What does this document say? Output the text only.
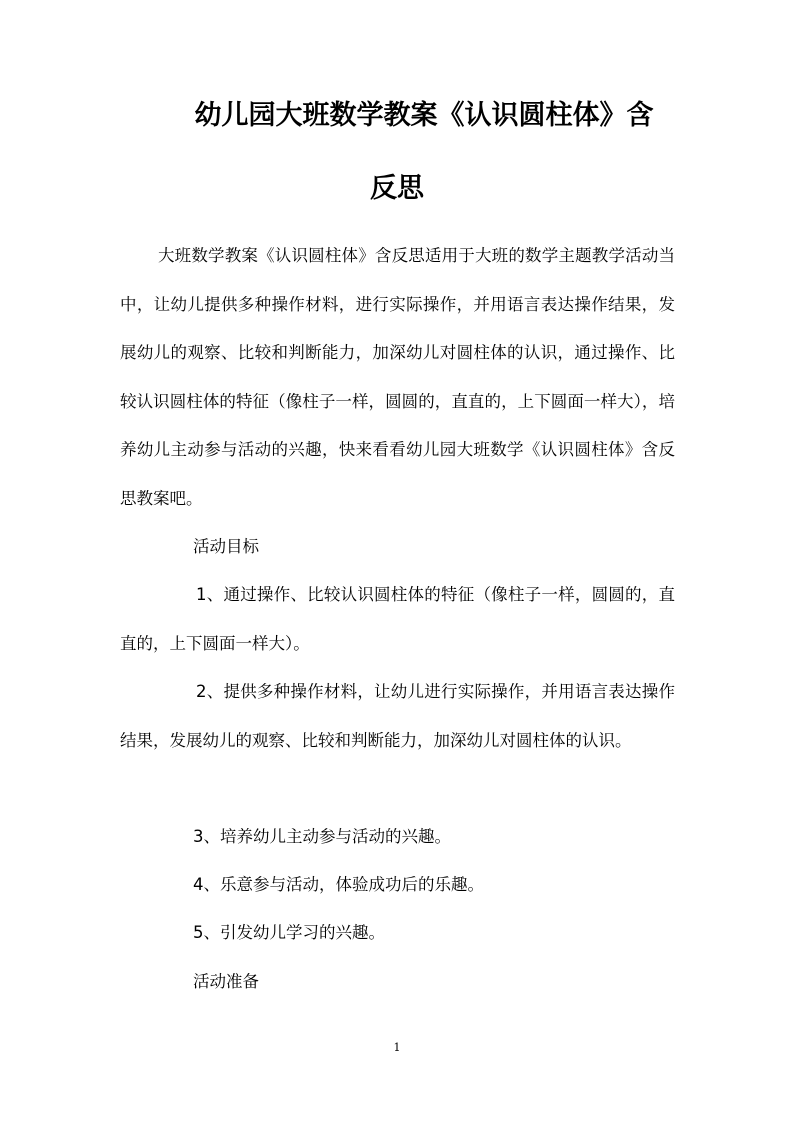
幼儿园大班数学教案《认识圆柱体》含
反思

大班数学教案《认识圆柱体》含反思适用于大班的数学主题教学活动当中，让幼儿提供多种操作材料，进行实际操作，并用语言表达操作结果，发展幼儿的观察、比较和判断能力，加深幼儿对圆柱体的认识，通过操作、比较认识圆柱体的特征（像柱子一样，圆圆的，直直的，上下圆面一样大），培养幼儿主动参与活动的兴趣，快来看看幼儿园大班数学《认识圆柱体》含反思教案吧。

活动目标

1、通过操作、比较认识圆柱体的特征（像柱子一样，圆圆的，直直的，上下圆面一样大）。

2、提供多种操作材料，让幼儿进行实际操作，并用语言表达操作结果，发展幼儿的观察、比较和判断能力，加深幼儿对圆柱体的认识。

3、培养幼儿主动参与活动的兴趣。

4、乐意参与活动，体验成功后的乐趣。

5、引发幼儿学习的兴趣。

活动准备

1
